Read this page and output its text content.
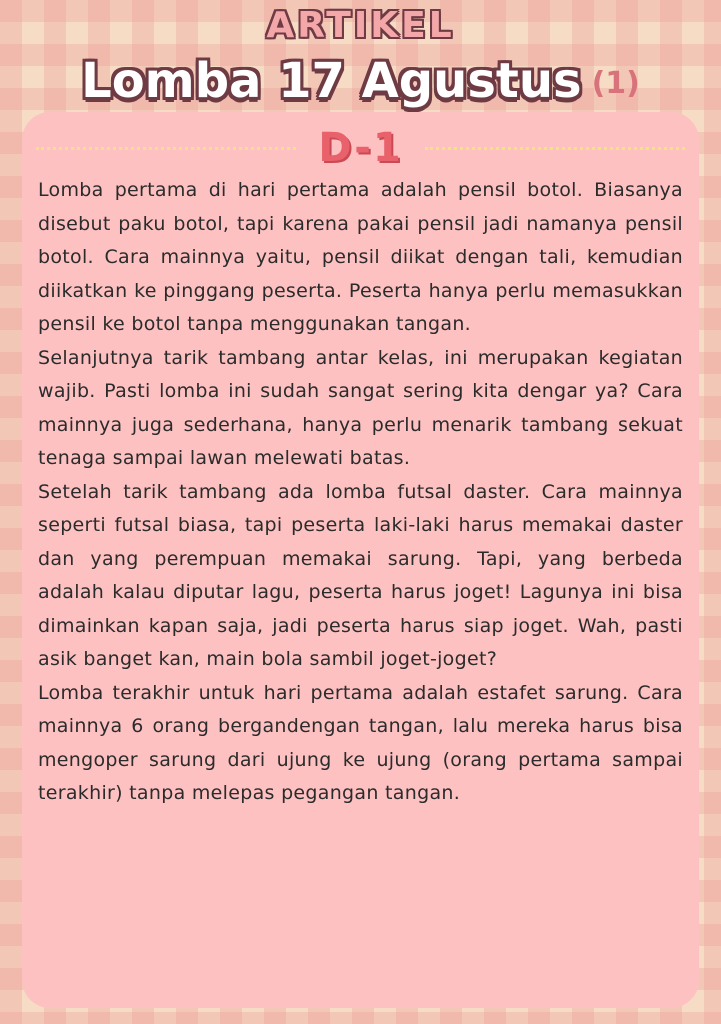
ARTIKEL
Lomba 17 Agustus (1)
D-1

Lomba pertama di hari pertama adalah pensil botol. Biasanya disebut paku botol, tapi karena pakai pensil jadi namanya pensil botol. Cara mainnya yaitu, pensil diikat dengan tali, kemudian diikatkan ke pinggang peserta. Peserta hanya perlu memasukkan pensil ke botol tanpa menggunakan tangan.

Selanjutnya tarik tambang antar kelas, ini merupakan kegiatan wajib. Pasti lomba ini sudah sangat sering kita dengar ya? Cara mainnya juga sederhana, hanya perlu menarik tambang sekuat tenaga sampai lawan melewati batas.

Setelah tarik tambang ada lomba futsal daster. Cara mainnya seperti futsal biasa, tapi peserta laki-laki harus memakai daster dan yang perempuan memakai sarung. Tapi, yang berbeda adalah kalau diputar lagu, peserta harus joget! Lagunya ini bisa dimainkan kapan saja, jadi peserta harus siap joget. Wah, pasti asik banget kan, main bola sambil joget-joget?

Lomba terakhir untuk hari pertama adalah estafet sarung. Cara mainnya 6 orang bergandengan tangan, lalu mereka harus bisa mengoper sarung dari ujung ke ujung (orang pertama sampai terakhir) tanpa melepas pegangan tangan.
